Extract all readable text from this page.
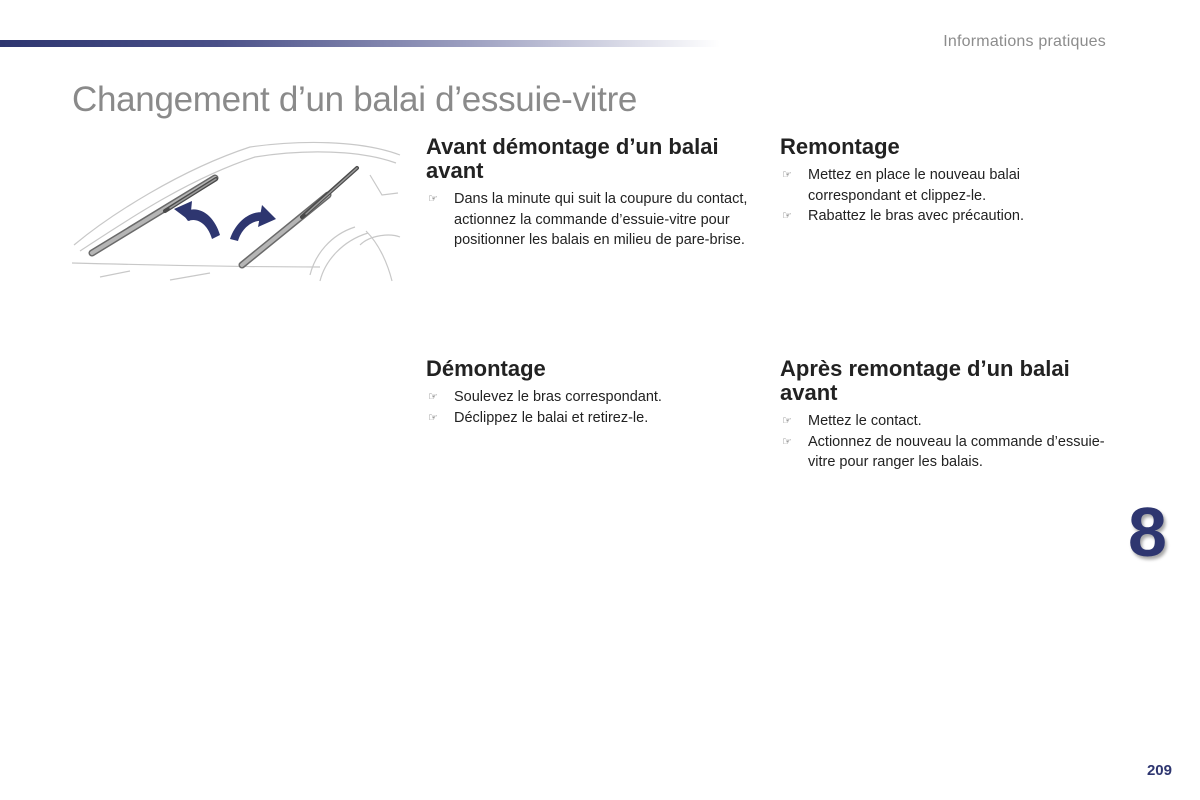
Informations pratiques
Changement d’un balai d’essuie-vitre
Avant démontage d’un balai avant
☞ Dans la minute qui suit la coupure du contact, actionnez la commande d’essuie-vitre pour positionner les balais en milieu de pare-brise.
Remontage
☞ Mettez en place le nouveau balai correspondant et clippez-le.
☞ Rabattez le bras avec précaution.
Démontage
☞ Soulevez le bras correspondant.
☞ Déclippez le balai et retirez-le.
Après remontage d’un balai avant
☞ Mettez le contact.
☞ Actionnez de nouveau la commande d’essuie-vitre pour ranger les balais.
8
209
